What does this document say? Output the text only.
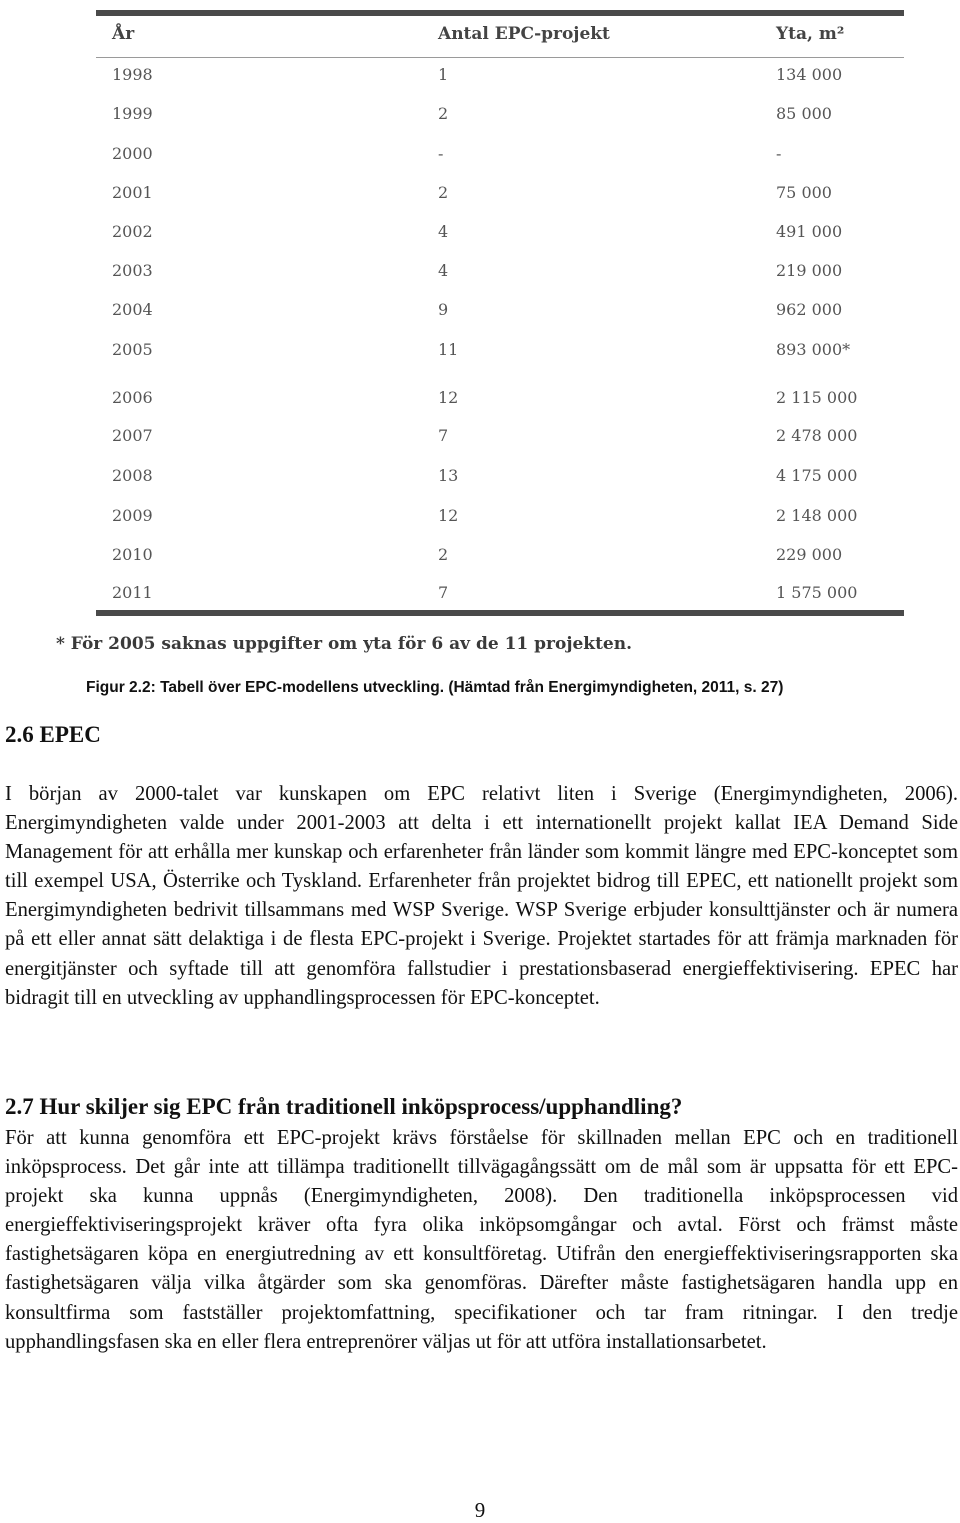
År	Antal EPC-projekt	Yta, m²
1998	1	134 000
1999	2	85 000
2000	-	-
2001	2	75 000
2002	4	491 000
2003	4	219 000
2004	9	962 000
2005	11	893 000*
2006	12	2 115 000
2007	7	2 478 000
2008	13	4 175 000
2009	12	2 148 000
2010	2	229 000
2011	7	1 575 000
* För 2005 saknas uppgifter om yta för 6 av de 11 projekten.
Figur 2.2: Tabell över EPC-modellens utveckling. (Hämtad från Energimyndigheten, 2011, s. 27)
2.6 EPEC

I början av 2000-talet var kunskapen om EPC relativt liten i Sverige (Energimyndigheten, 2006). Energimyndigheten valde under 2001-2003 att delta i ett internationellt projekt kallat IEA Demand Side Management för att erhålla mer kunskap och erfarenheter från länder som kommit längre med EPC-konceptet som till exempel USA, Österrike och Tyskland. Erfarenheter från projektet bidrog till EPEC, ett nationellt projekt som Energimyndigheten bedrivit tillsammans med WSP Sverige. WSP Sverige erbjuder konsulttjänster och är numera på ett eller annat sätt delaktiga i de flesta EPC-projekt i Sverige. Projektet startades för att främja marknaden för energitjänster och syftade till att genomföra fallstudier i prestationsbaserad energieffektivisering. EPEC har bidragit till en utveckling av upphandlingsprocessen för EPC-konceptet.

2.7 Hur skiljer sig EPC från traditionell inköpsprocess/upphandling?

För att kunna genomföra ett EPC-projekt krävs förståelse för skillnaden mellan EPC och en traditionell inköpsprocess. Det går inte att tillämpa traditionellt tillvägagångssätt om de mål som är uppsatta för ett EPC-projekt ska kunna uppnås (Energimyndigheten, 2008). Den traditionella inköpsprocessen vid energieffektiviseringsprojekt kräver ofta fyra olika inköpsomgångar och avtal. Först och främst måste fastighetsägaren köpa en energiutredning av ett konsultföretag. Utifrån den energieffektiviseringsrapporten ska fastighetsägaren välja vilka åtgärder som ska genomföras. Därefter måste fastighetsägaren handla upp en konsultfirma som fastställer projektomfattning, specifikationer och tar fram ritningar. I den tredje upphandlingsfasen ska en eller flera entreprenörer väljas ut för att utföra installationsarbetet.

9
